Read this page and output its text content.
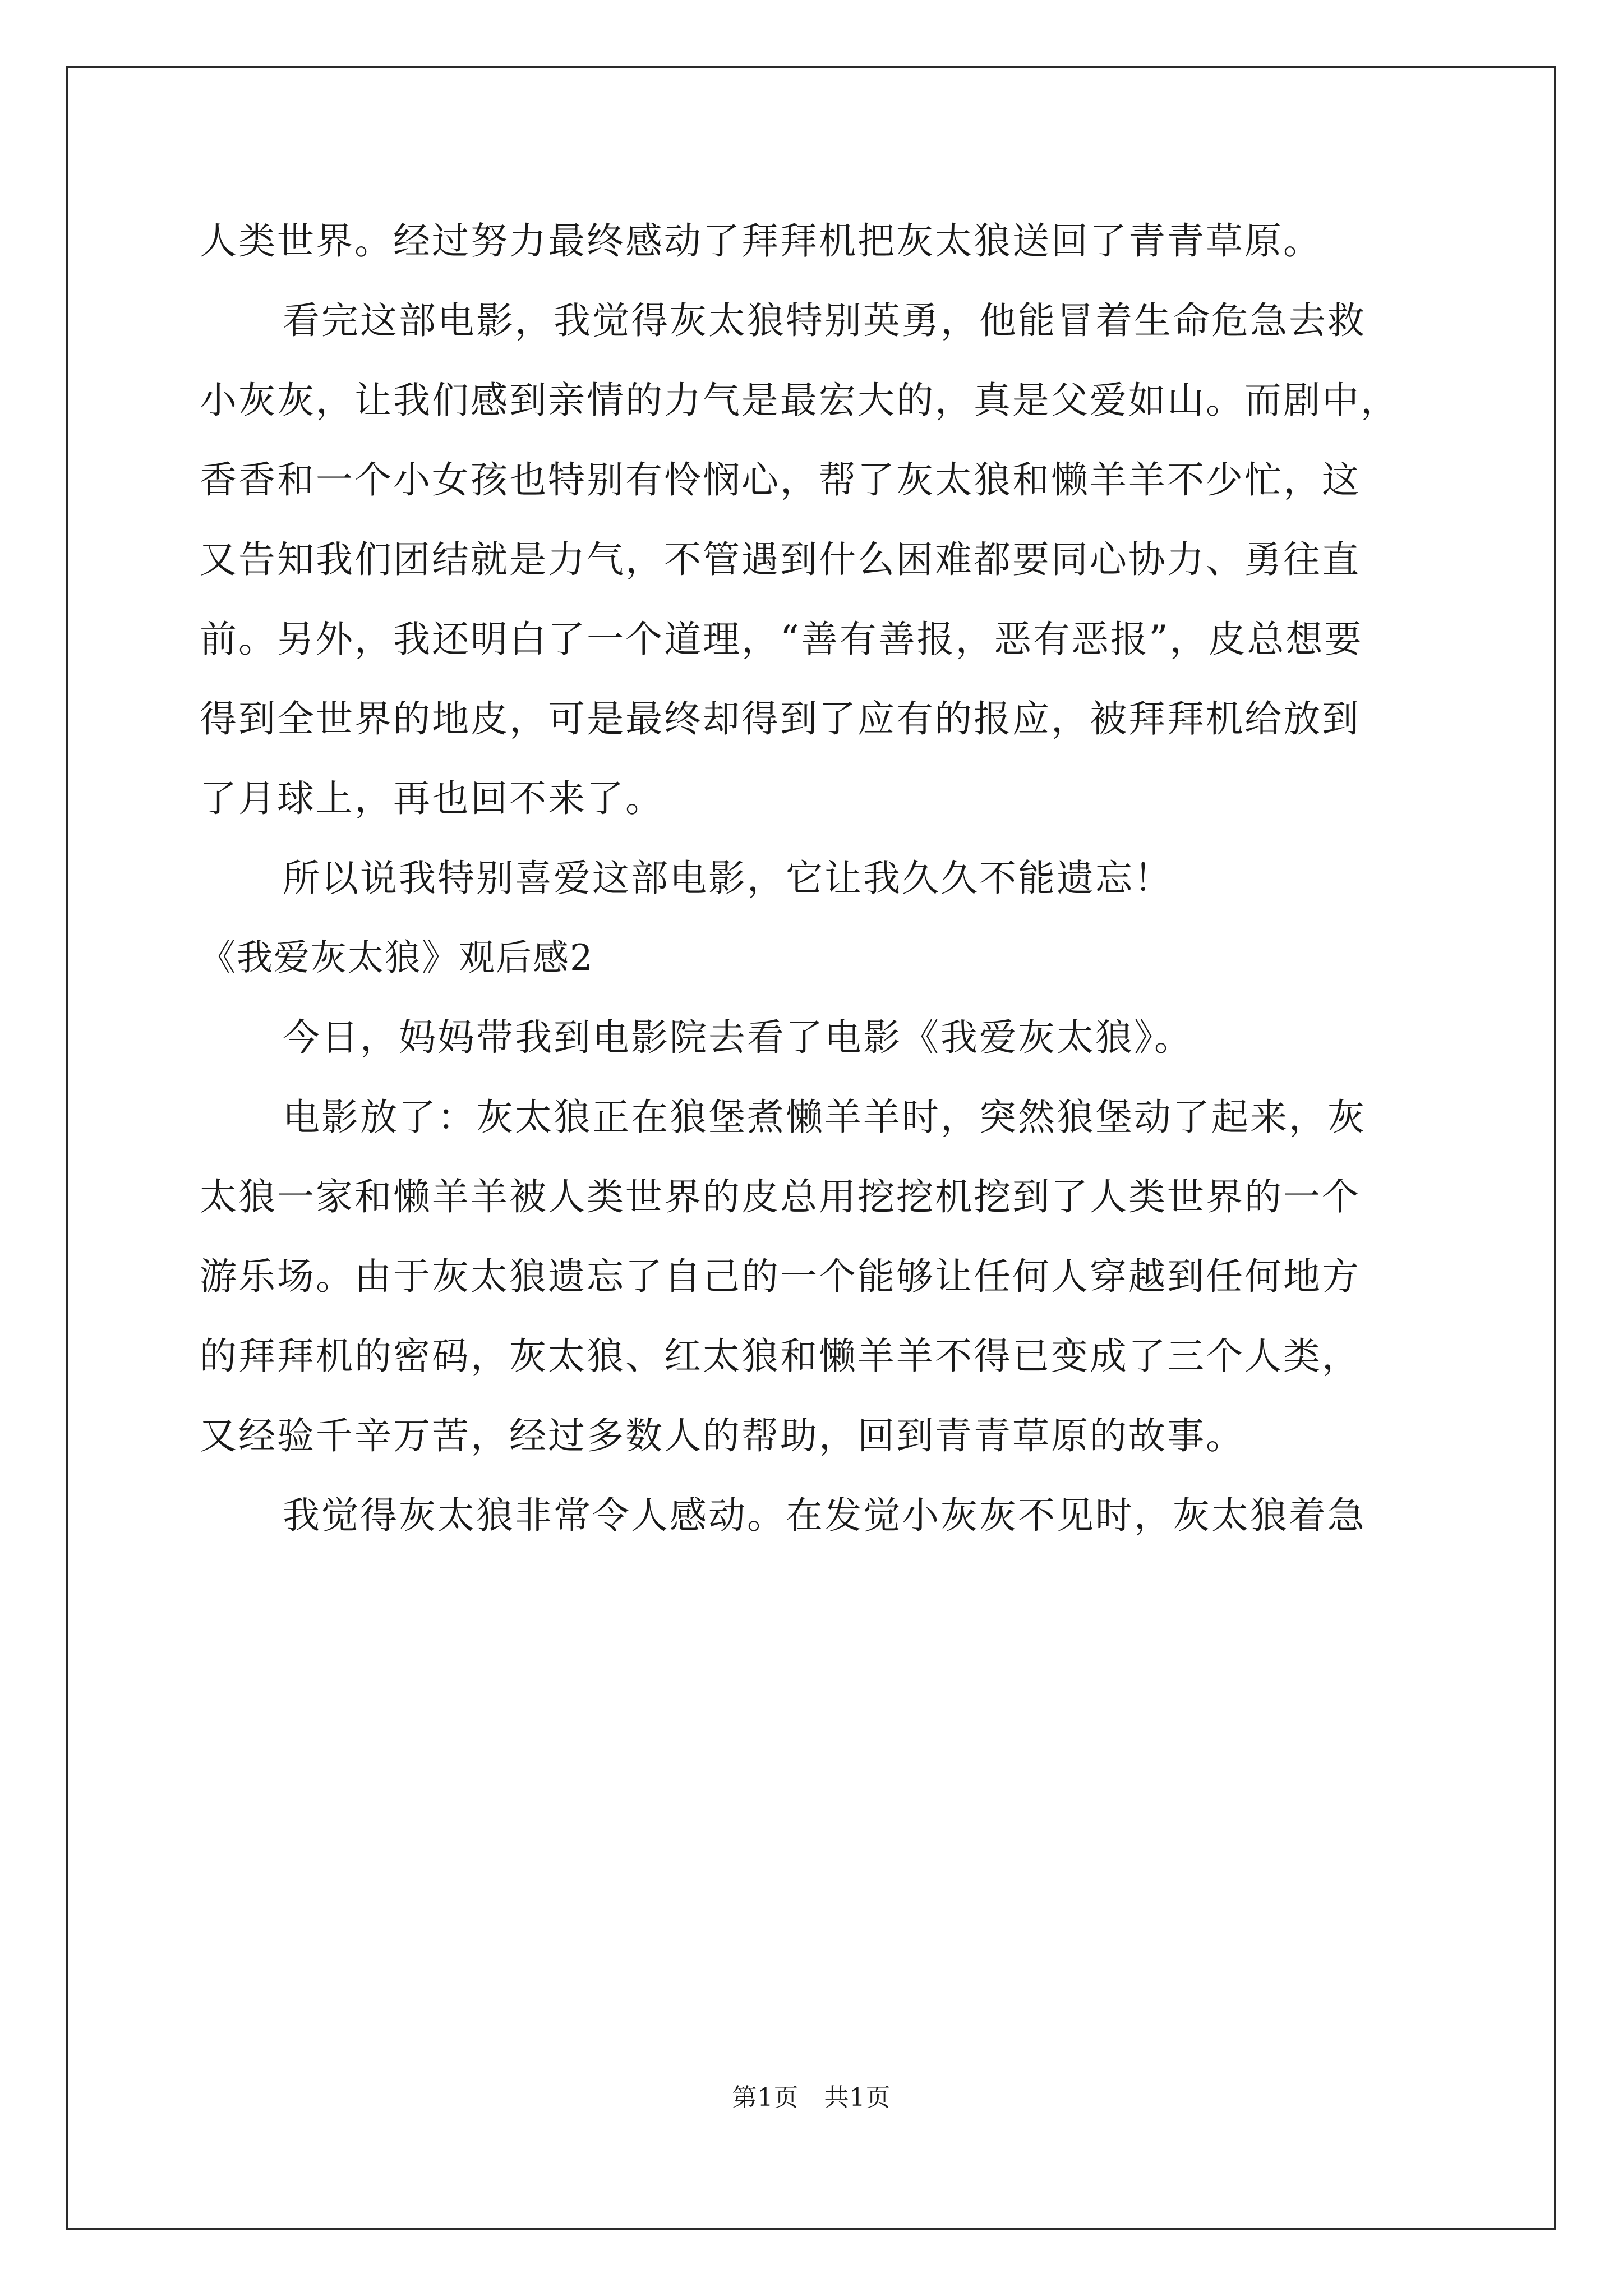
人类世界。经过努力最终感动了拜拜机把灰太狼送回了青青草原。
看完这部电影，我觉得灰太狼特别英勇，他能冒着生命危急去救
小灰灰，让我们感到亲情的力气是最宏大的，真是父爱如山。而剧中，
香香和一个小女孩也特别有怜悯心，帮了灰太狼和懒羊羊不少忙，这
又告知我们团结就是力气，不管遇到什么困难都要同心协力、勇往直
前。另外，我还明白了一个道理，“善有善报，恶有恶报”，皮总想要
得到全世界的地皮，可是最终却得到了应有的报应，被拜拜机给放到
了月球上，再也回不来了。
所以说我特别喜爱这部电影，它让我久久不能遗忘！
《我爱灰太狼》观后感2
今日，妈妈带我到电影院去看了电影《我爱灰太狼》。
电影放了：灰太狼正在狼堡煮懒羊羊时，突然狼堡动了起来，灰
太狼一家和懒羊羊被人类世界的皮总用挖挖机挖到了人类世界的一个
游乐场。由于灰太狼遗忘了自己的一个能够让任何人穿越到任何地方
的拜拜机的密码，灰太狼、红太狼和懒羊羊不得已变成了三个人类，
又经验千辛万苦，经过多数人的帮助，回到青青草原的故事。
我觉得灰太狼非常令人感动。在发觉小灰灰不见时，灰太狼着急
第1页　共1页
